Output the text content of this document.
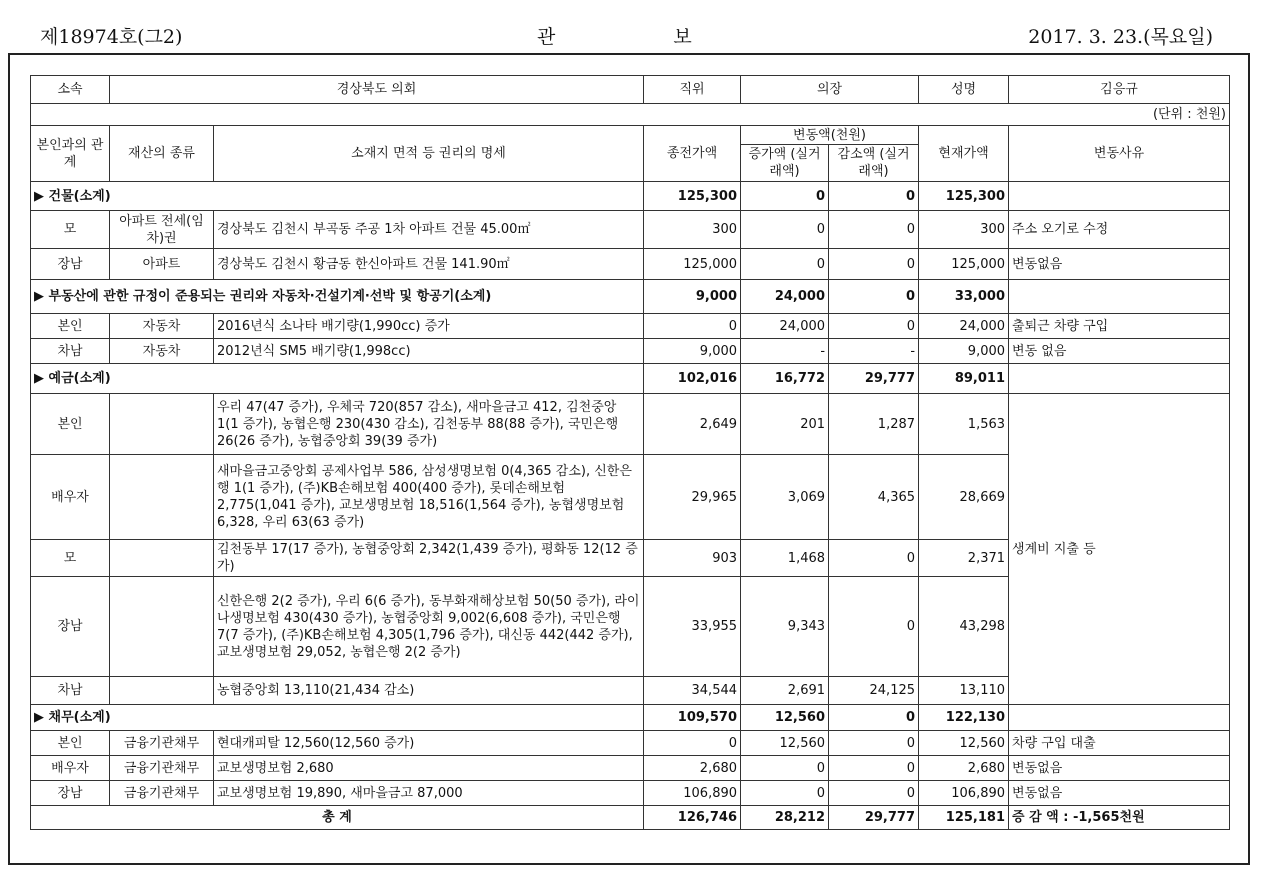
제18974호(그2)	관	보	2017. 3. 23.(목요일)
소속	경상북도 의회		직위	의장		성명	김응규
(단위 : 천원)							
본인과의 관계	재산의 종류	소재지 면적 등 권리의 명세	종전가액	변동액(천원)		현재가액	변동사유
				증가액 (실거래액)	감소액 (실거래액)		

▶ 건물(소계)			125,300	0	0	125,300	
모	아파트 전세(임차)권	경상북도 김천시 부곡동 주공 1차 아파트 건물 45.00㎡	300	0	0	300	주소 오기로 수정
장남	아파트	경상북도 김천시 황금동 한신아파트 건물 141.90㎡	125,000	0	0	125,000	변동없음
▶ 부동산에 관한 규정이 준용되는 권리와 자동차·건설기계·선박 및 항공기(소계)			9,000	24,000	0	33,000	
본인	자동차	2016년식 소나타 배기량(1,990cc) 증가	0	24,000	0	24,000	출퇴근 차량 구입
차남	자동차	2012년식 SM5 배기량(1,998cc)	9,000	-	-	9,000	변동 없음
▶ 예금(소계)			102,016	16,772	29,777	89,011	
본인		우리 47(47 증가), 우체국 720(857 감소), 새마을금고 412, 김천중앙 1(1 증가), 농협은행 230(430 감소), 김천동부 88(88 증가), 국민은행 26(26 증가), 농협중앙회 39(39 증가)	2,649	201	1,287	1,563	생계비 지출 등
배우자		새마을금고중앙회 공제사업부 586, 삼성생명보험 0(4,365 감소), 신한은행 1(1 증가), (주)KB손해보험 400(400 증가), 롯데손해보험 2,775(1,041 증가), 교보생명보험 18,516(1,564 증가), 농협생명보험 6,328, 우리 63(63 증가)	29,965	3,069	4,365	28,669	
모		김천동부 17(17 증가), 농협중앙회 2,342(1,439 증가), 평화동 12(12 증가)	903	1,468	0	2,371	
장남		신한은행 2(2 증가), 우리 6(6 증가), 동부화재해상보험 50(50 증가), 라이나생명보험 430(430 증가), 농협중앙회 9,002(6,608 증가), 국민은행 7(7 증가), (주)KB손해보험 4,305(1,796 증가), 대신동 442(442 증가), 교보생명보험 29,052, 농협은행 2(2 증가)	33,955	9,343	0	43,298	
차남		농협중앙회 13,110(21,434 감소)	34,544	2,691	24,125	13,110	
▶ 채무(소계)			109,570	12,560	0	122,130	
본인	금융기관채무	현대캐피탈 12,560(12,560 증가)	0	12,560	0	12,560	차량 구입 대출
배우자	금융기관채무	교보생명보험 2,680	2,680	0	0	2,680	변동없음
장남	금융기관채무	교보생명보험 19,890, 새마을금고 87,000	106,890	0	0	106,890	변동없음
총 계			126,746	28,212	29,777	125,181	증 감 액 : -1,565천원
